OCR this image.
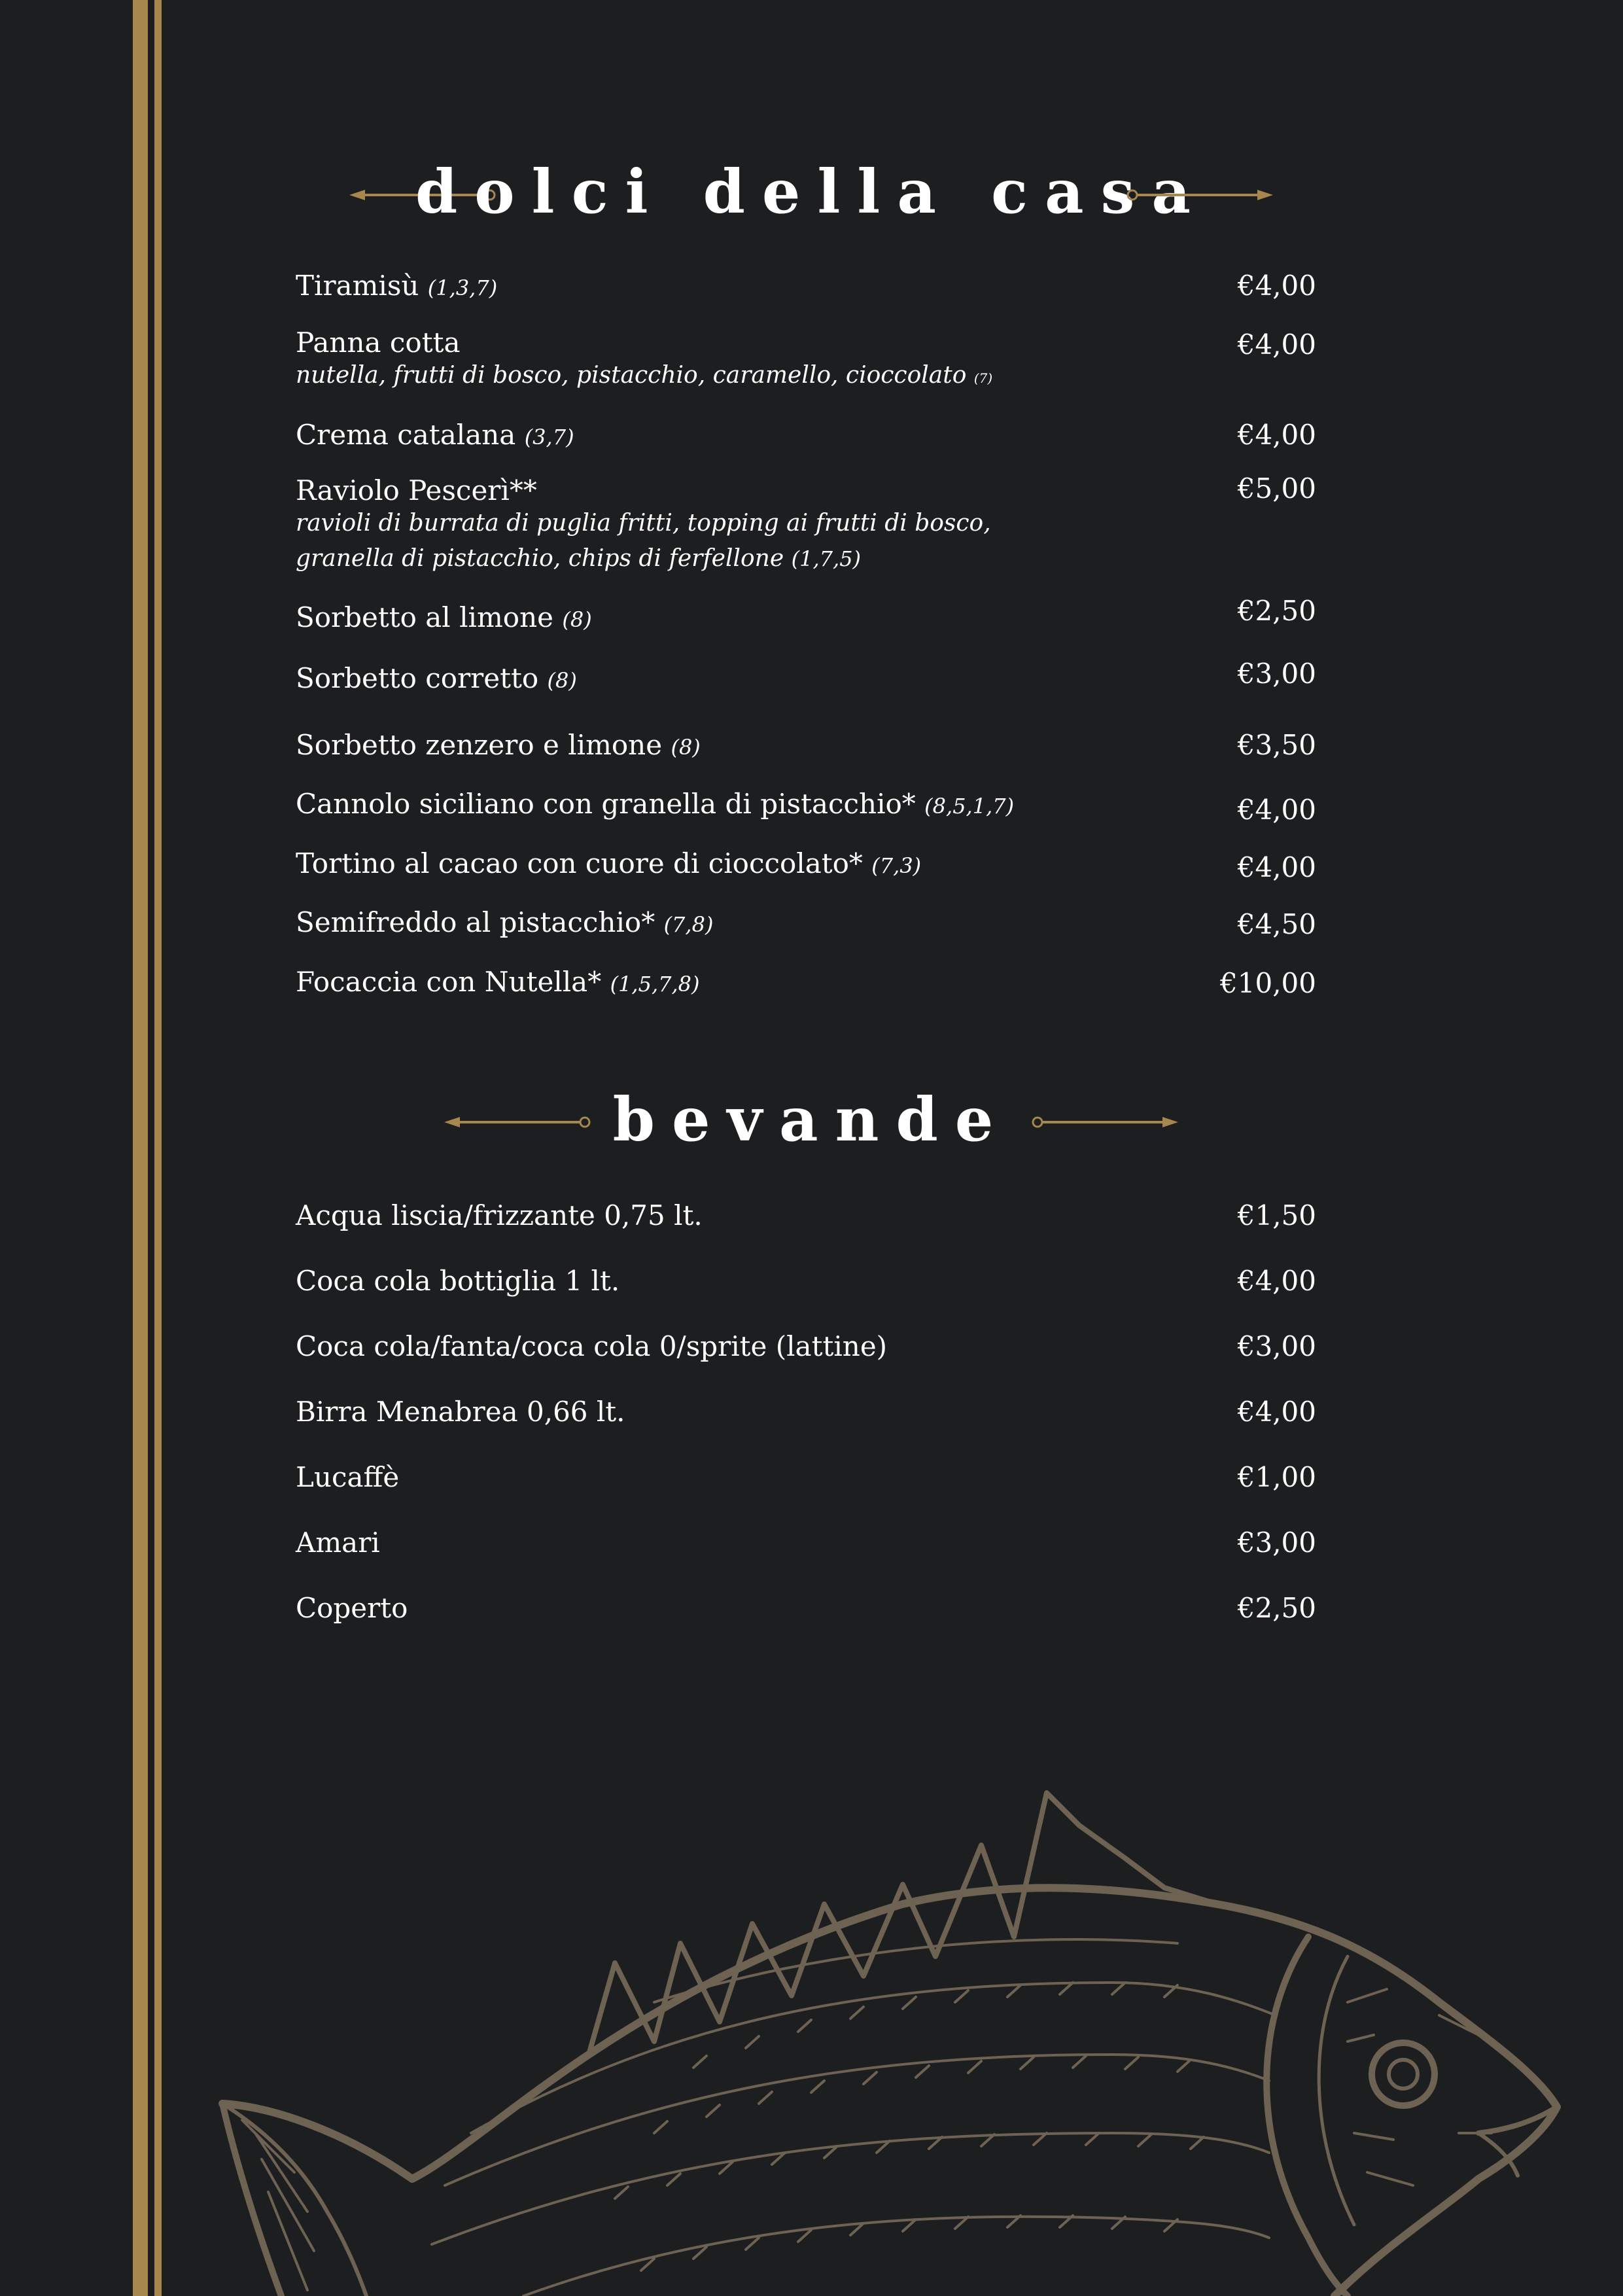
dolci della casa
Tiramisù (1,3,7)	€4,00
Panna cotta
nutella, frutti di bosco, pistacchio, caramello, cioccolato (7)
€4,00
Crema catalana (3,7)	€4,00
Raviolo Pescerì**
ravioli di burrata di puglia fritti, topping ai frutti di bosco,
granella di pistacchio, chips di ferfellone (1,7,5)
€5,00
Sorbetto al limone (8)	€2,50
Sorbetto corretto (8)	€3,00
Sorbetto zenzero e limone (8)	€3,50
Cannolo siciliano con granella di pistacchio* (8,5,1,7)	€4,00
Tortino al cacao con cuore di cioccolato* (7,3)	€4,00
Semifreddo al pistacchio* (7,8)	€4,50
Focaccia con Nutella* (1,5,7,8)	€10,00
bevande
Acqua liscia/frizzante 0,75 lt.	€1,50
Coca cola bottiglia 1 lt.	€4,00
Coca cola/fanta/coca cola 0/sprite (lattine)	€3,00
Birra Menabrea 0,66 lt.	€4,00
Lucaffè	€1,00
Amari	€3,00
Coperto	€2,50
